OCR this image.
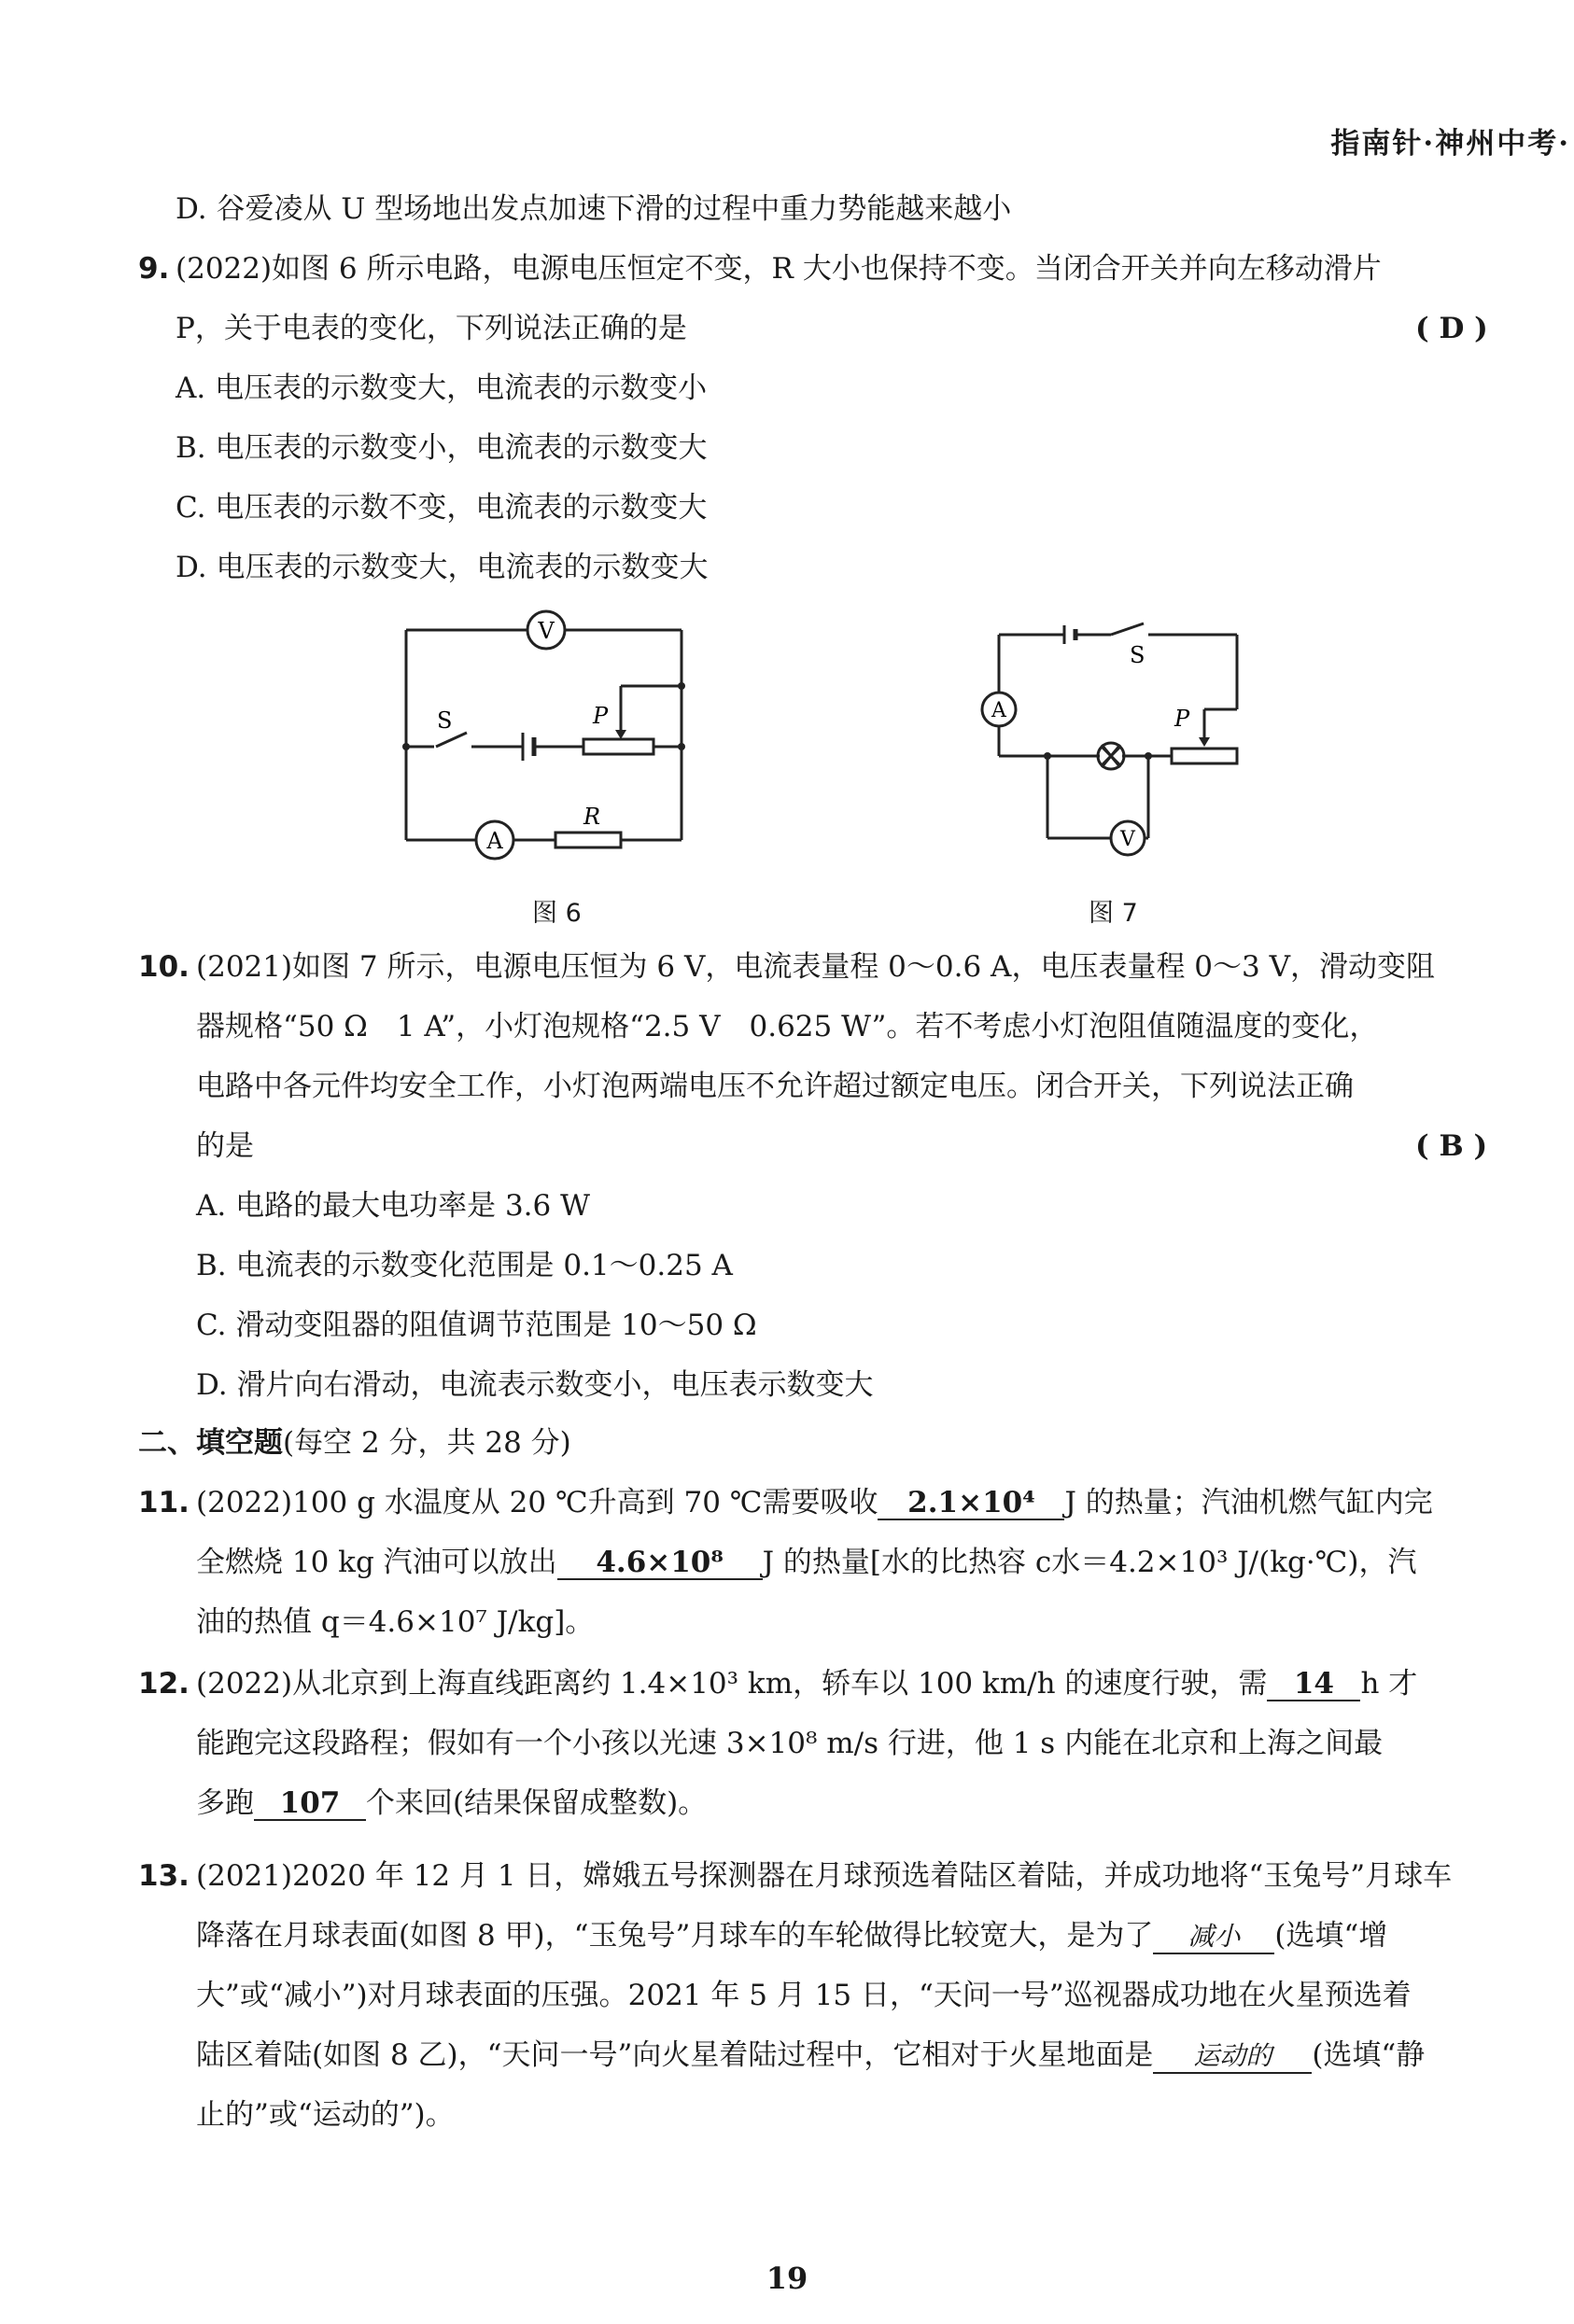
指南针·神州中考·
D. 谷爱凌从 U 型场地出发点加速下滑的过程中重力势能越来越小
9. (2022)如图 6 所示电路，电源电压恒定不变，R 大小也保持不变。当闭合开关并向左移动滑片
P，关于电表的变化，下列说法正确的是	( D )
A. 电压表的示数变大，电流表的示数变小
B. 电压表的示数变小，电流表的示数变大
C. 电压表的示数不变，电流表的示数变大
D. 电压表的示数变大，电流表的示数变大
V
A
S	P
R
图 6
A
V
S
P
图 7
10. (2021)如图 7 所示，电源电压恒为 6 V，电流表量程 0～0.6 A，电压表量程 0～3 V，滑动变阻
器规格“50 Ω　1 A”，小灯泡规格“2.5 V　0.625 W”。若不考虑小灯泡阻值随温度的变化，
电路中各元件均安全工作，小灯泡两端电压不允许超过额定电压。闭合开关，下列说法正确
的是	( B )
A. 电路的最大电功率是 3.6 W
B. 电流表的示数变化范围是 0.1～0.25 A
C. 滑动变阻器的阻值调节范围是 10～50 Ω
D. 滑片向右滑动，电流表示数变小，电压表示数变大
二、填空题(每空 2 分，共 28 分)
11. (2022)100 g 水温度从 20 ℃升高到 70 ℃需要吸收 2.1×10⁴ J 的热量；汽油机燃气缸内完
全燃烧 10 kg 汽油可以放出 4.6×10⁸ J 的热量[水的比热容 c水＝4.2×10³ J/(kg·℃)，汽
油的热值 q＝4.6×10⁷ J/kg]。
12. (2022)从北京到上海直线距离约 1.4×10³ km，轿车以 100 km/h 的速度行驶，需 14 h 才
能跑完这段路程；假如有一个小孩以光速 3×10⁸ m/s 行进，他 1 s 内能在北京和上海之间最
多跑 107 个来回(结果保留成整数)。
13. (2021)2020 年 12 月 1 日，嫦娥五号探测器在月球预选着陆区着陆，并成功地将“玉兔号”月球车
降落在月球表面(如图 8 甲)，“玉兔号”月球车的车轮做得比较宽大，是为了 减小 (选填“增
大”或“减小”)对月球表面的压强。2021 年 5 月 15 日，“天问一号”巡视器成功地在火星预选着
陆区着陆(如图 8 乙)，“天问一号”向火星着陆过程中，它相对于火星地面是 运动的 (选填“静
止的”或“运动的”)。
19
